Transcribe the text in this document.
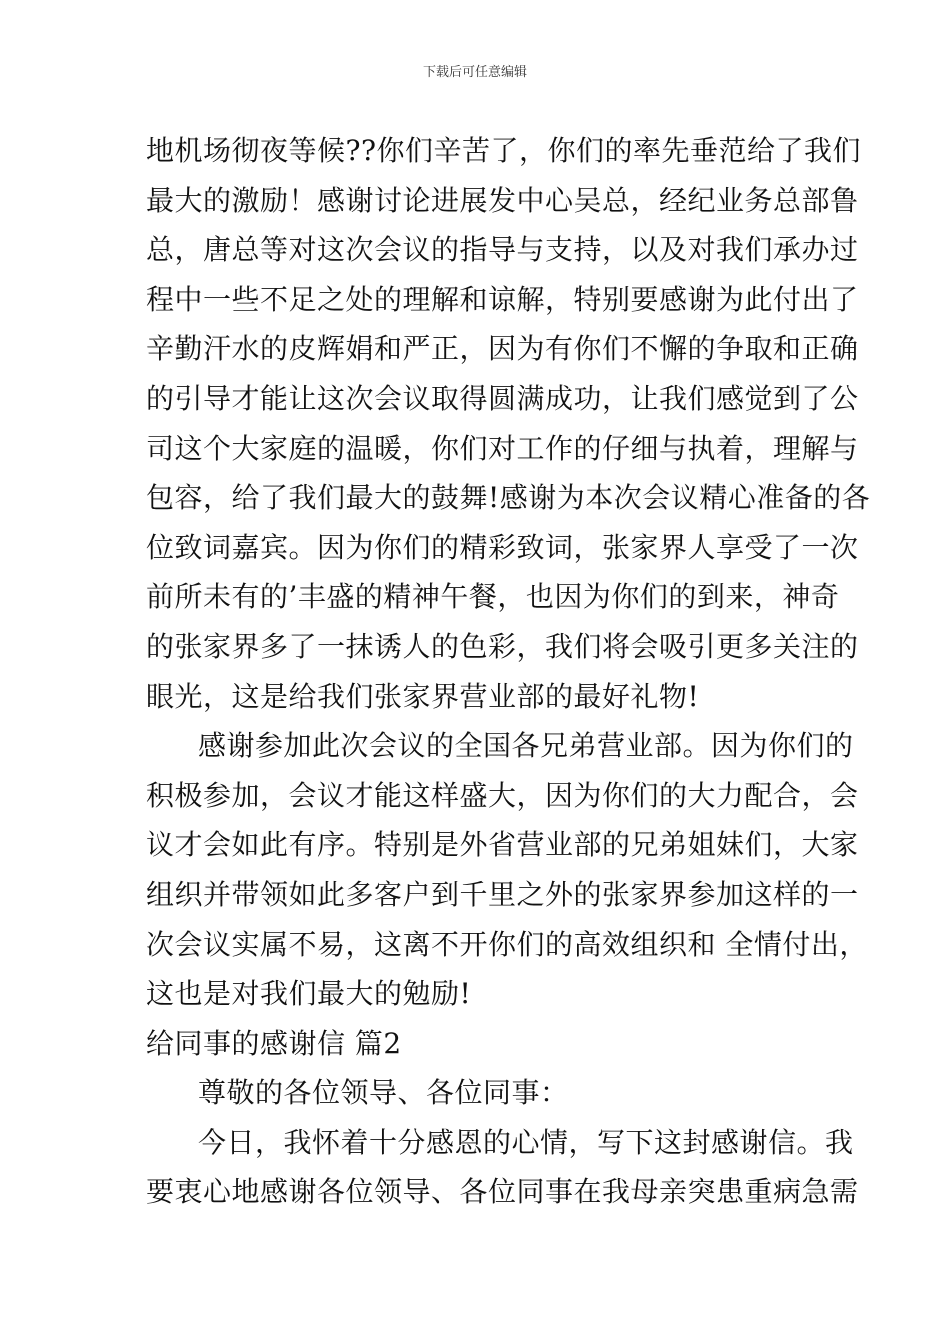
下载后可任意编辑
地机场彻夜等候??你们辛苦了，你们的率先垂范给了我们
最大的激励！感谢讨论进展发中心吴总，经纪业务总部鲁
总，唐总等对这次会议的指导与支持，以及对我们承办过
程中一些不足之处的理解和谅解，特别要感谢为此付出了
辛勤汗水的皮辉娟和严正，因为有你们不懈的争取和正确
的引导才能让这次会议取得圆满成功，让我们感觉到了公
司这个大家庭的温暖，你们对工作的仔细与执着，理解与
包容，给了我们最大的鼓舞!感谢为本次会议精心准备的各
位致词嘉宾。因为你们的精彩致词，张家界人享受了一次
前所未有的’丰盛的精神午餐，也因为你们的到来，神奇
的张家界多了一抹诱人的色彩，我们将会吸引更多关注的
眼光，这是给我们张家界营业部的最好礼物!
感谢参加此次会议的全国各兄弟营业部。因为你们的
积极参加，会议才能这样盛大，因为你们的大力配合，会
议才会如此有序。特别是外省营业部的兄弟姐妹们，大家
组织并带领如此多客户到千里之外的张家界参加这样的一
次会议实属不易，这离不开你们的高效组织和 全情付出，
这也是对我们最大的勉励!
给同事的感谢信 篇2
尊敬的各位领导、各位同事：
今日，我怀着十分感恩的心情，写下这封感谢信。我
要衷心地感谢各位领导、各位同事在我母亲突患重病急需
